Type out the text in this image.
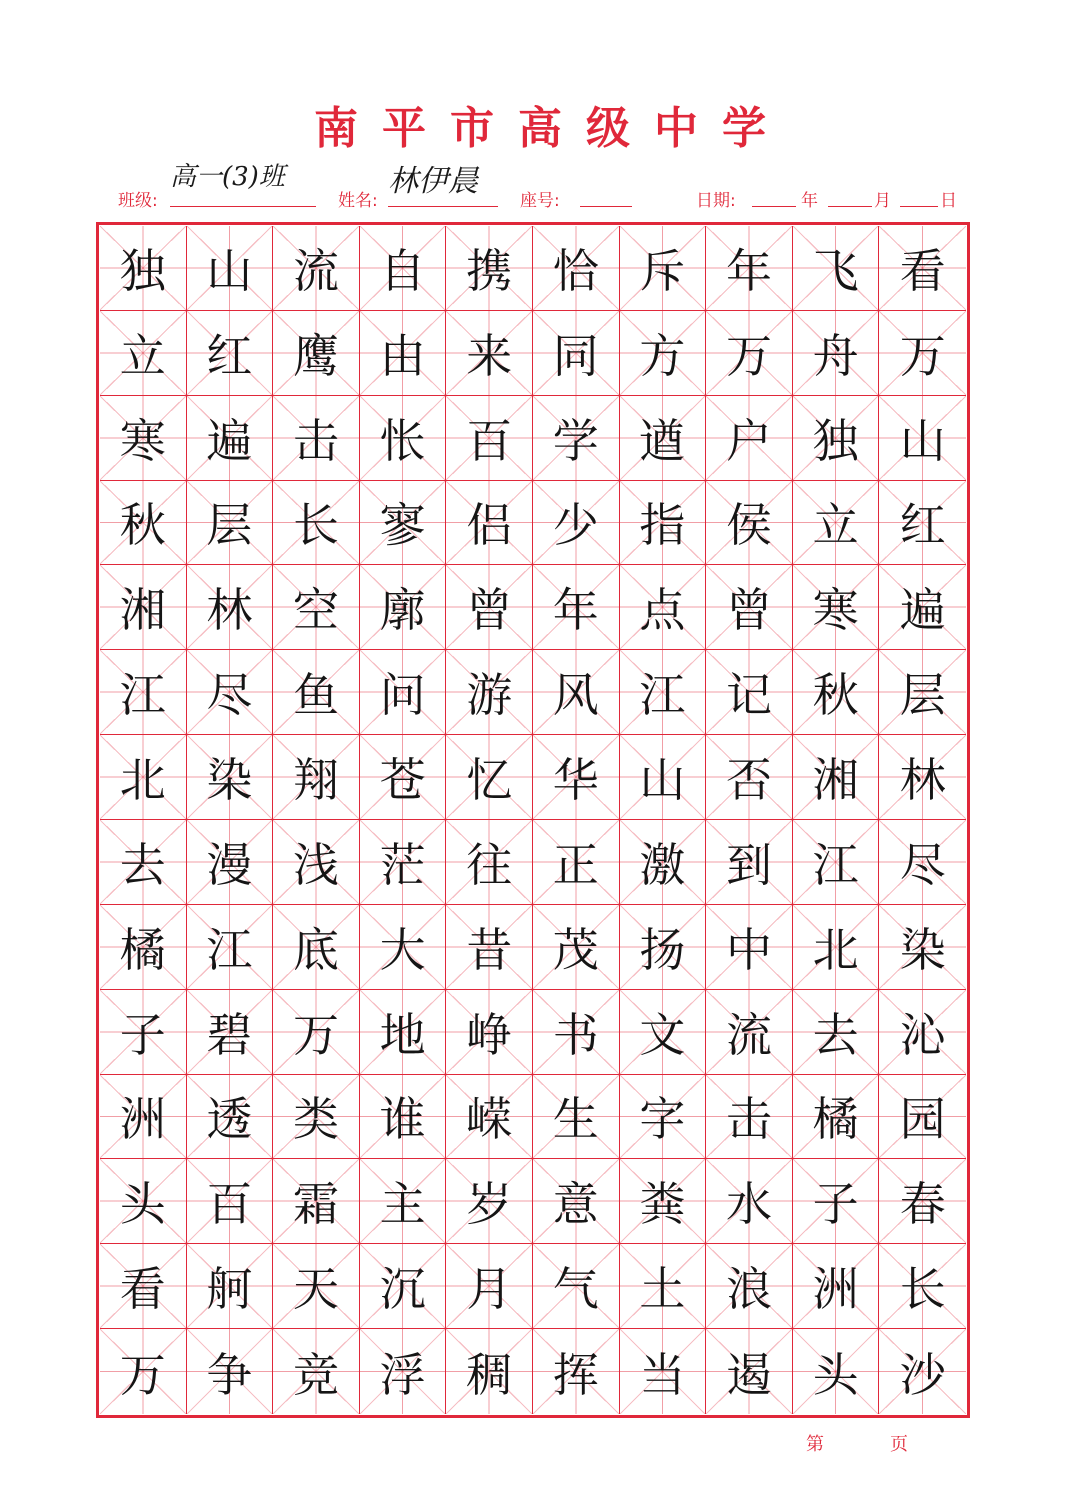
南平市高级中学
班级:
高一(3)班
姓名:
林伊晨
座号:	日期:	年	月	日
独 山 流 自 携 恰 斥 年 飞 看
立 红 鹰 由 来 同 方 万 舟 万
寒 遍 击 怅 百 学 遒 户 独 山
秋 层 长 寥 侣 少 指 侯 立 红
湘 林 空 廓 曾 年 点 曾 寒 遍
江 尽 鱼 问 游 风 江 记 秋 层
北 染 翔 苍 忆 华 山 否 湘 林
去 漫 浅 茫 往 正 激 到 江 尽
橘 江 底 大 昔 茂 扬 中 北 染
子 碧 万 地 峥 书 文 流 去 沁
洲 透 类 谁 嵘 生 字 击 橘 园
头 百 霜 主 岁 意 粪 水 子 春
看 舸 天 沉 月 气 土 浪 洲 长
万 争 竞 浮 稠 挥 当 遏 头 沙
第	页
